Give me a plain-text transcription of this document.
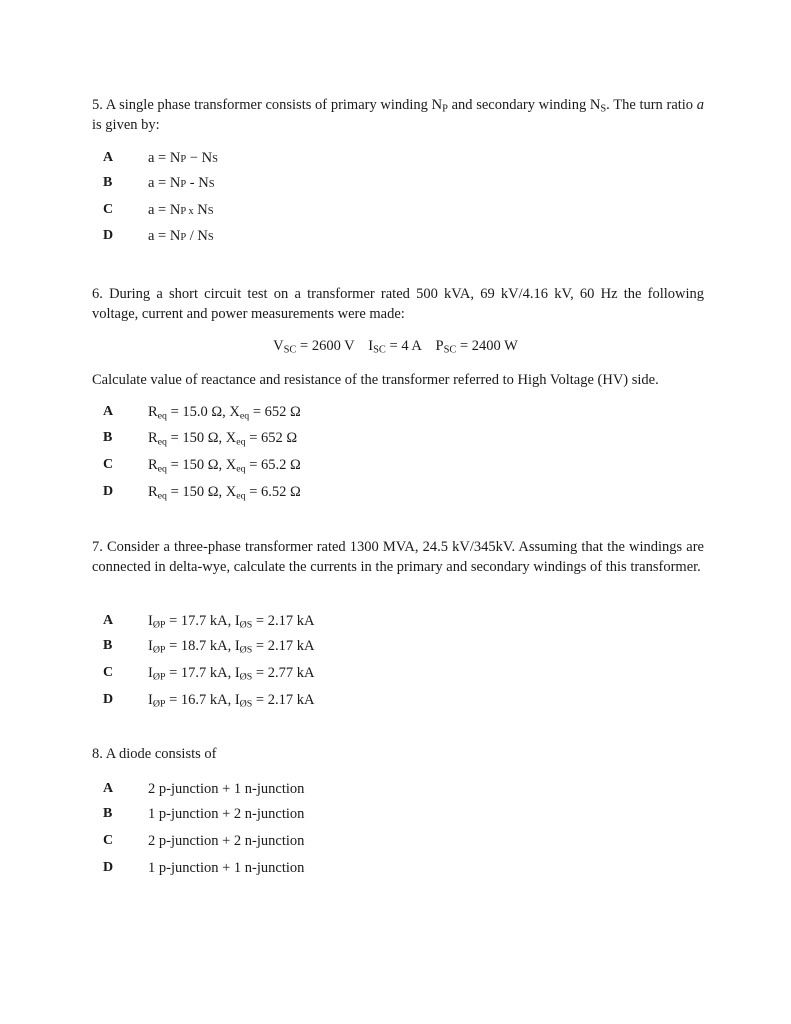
5. A single phase transformer consists of primary winding $N_P$ and secondary winding $N_S$. The turn ratio a is given by:
A	a = NP − NS
B	a = NP - NS
C	a = NP x NS
D	a = NP / NS
6. During a short circuit test on a transformer rated 500 kVA, 69 kV/4.16 kV, 60 Hz the following voltage, current and power measurements were made:
$V_{SC} = 2600$ V $I_{SC} = 4$ A $P_{SC} = 2400$ W
Calculate value of reactance and resistance of the transformer referred to High Voltage (HV) side.
A	$R_{eq} = 15.0$ Ω, $X_{eq} = 652$ Ω
B	$R_{eq} = 150$ Ω, $X_{eq} = 652$ Ω
C	$R_{eq} = 150$ Ω, $X_{eq} = 65.2$ Ω
D	$R_{eq} = 150$ Ω, $X_{eq} = 6.52$ Ω
7. Consider a three-phase transformer rated 1300 MVA, 24.5 kV/345kV. Assuming that the windings are connected in delta-wye, calculate the currents in the primary and secondary windings of this transformer.
A	$I_{ØP} = 17.7$ kA, $I_{ØS} = 2.17$ kA
B	$I_{ØP} = 18.7$ kA, $I_{ØS} = 2.17$ kA
C	$I_{ØP} = 17.7$ kA, $I_{ØS} = 2.77$ kA
D	$I_{ØP} = 16.7$ kA, $I_{ØS} = 2.17$ kA
8. A diode consists of
A	2 p-junction + 1 n-junction
B	1 p-junction + 2 n-junction
C	2 p-junction + 2 n-junction
D	1 p-junction + 1 n-junction
